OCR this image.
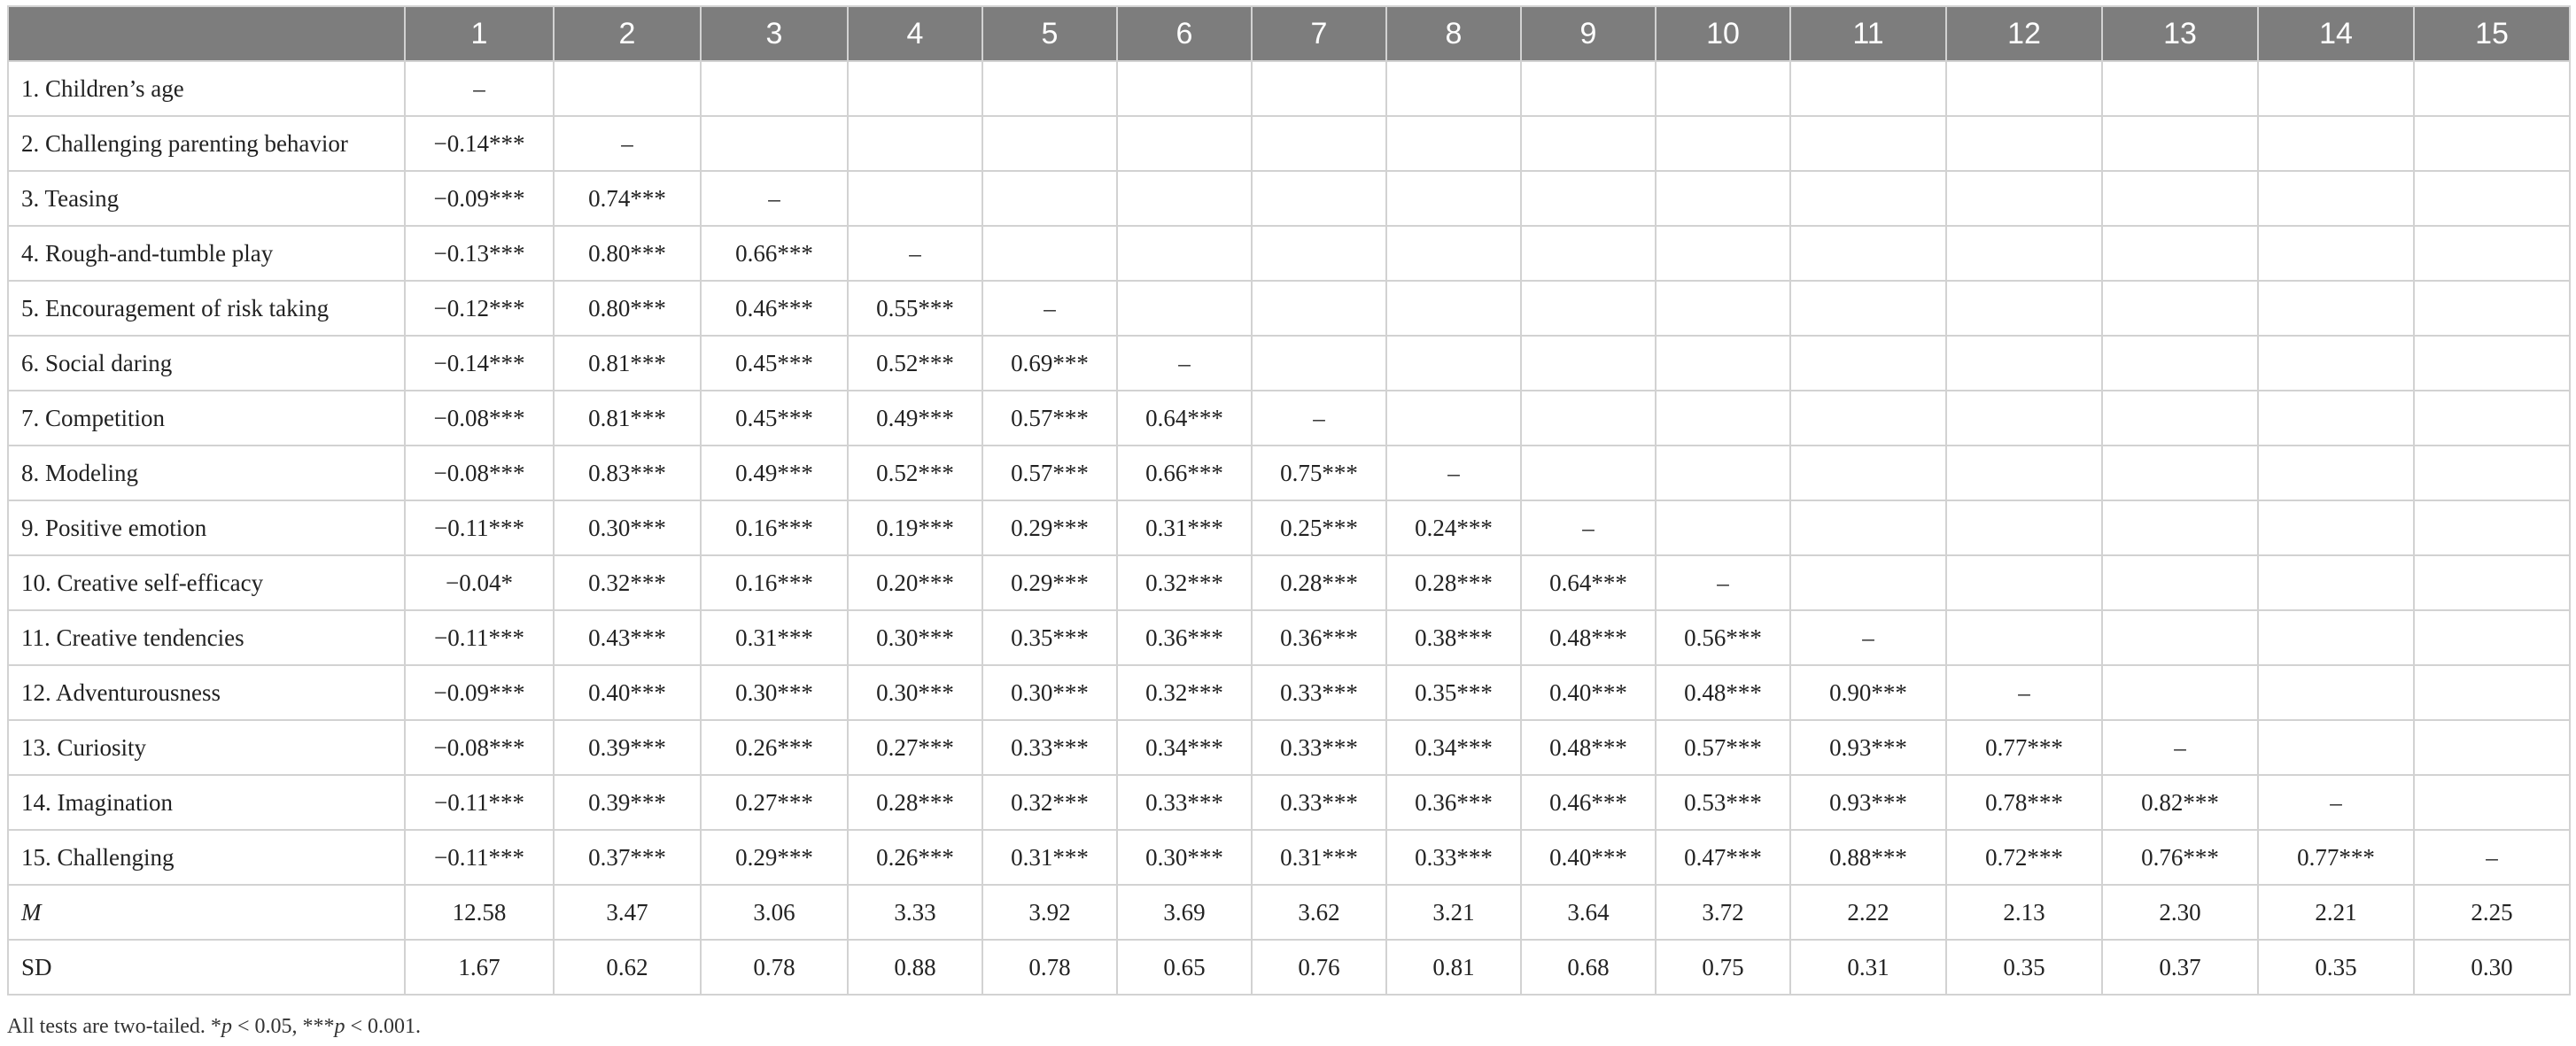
	1	2	3	4	5	6	7	8	9	10	11	12	13	14	15
1. Children’s age	–														
2. Challenging parenting behavior	−0.14***	–													
3. Teasing	−0.09***	0.74***	–												
4. Rough-and-tumble play	−0.13***	0.80***	0.66***	–											
5. Encouragement of risk taking	−0.12***	0.80***	0.46***	0.55***	–										
6. Social daring	−0.14***	0.81***	0.45***	0.52***	0.69***	–									
7. Competition	−0.08***	0.81***	0.45***	0.49***	0.57***	0.64***	–								
8. Modeling	−0.08***	0.83***	0.49***	0.52***	0.57***	0.66***	0.75***	–							
9. Positive emotion	−0.11***	0.30***	0.16***	0.19***	0.29***	0.31***	0.25***	0.24***	–						
10. Creative self-efficacy	−0.04*	0.32***	0.16***	0.20***	0.29***	0.32***	0.28***	0.28***	0.64***	–					
11. Creative tendencies	−0.11***	0.43***	0.31***	0.30***	0.35***	0.36***	0.36***	0.38***	0.48***	0.56***	–				
12. Adventurousness	−0.09***	0.40***	0.30***	0.30***	0.30***	0.32***	0.33***	0.35***	0.40***	0.48***	0.90***	–			
13. Curiosity	−0.08***	0.39***	0.26***	0.27***	0.33***	0.34***	0.33***	0.34***	0.48***	0.57***	0.93***	0.77***	–		
14. Imagination	−0.11***	0.39***	0.27***	0.28***	0.32***	0.33***	0.33***	0.36***	0.46***	0.53***	0.93***	0.78***	0.82***	–	
15. Challenging	−0.11***	0.37***	0.29***	0.26***	0.31***	0.30***	0.31***	0.33***	0.40***	0.47***	0.88***	0.72***	0.76***	0.77***	–
M	12.58	3.47	3.06	3.33	3.92	3.69	3.62	3.21	3.64	3.72	2.22	2.13	2.30	2.21	2.25
SD	1.67	0.62	0.78	0.88	0.78	0.65	0.76	0.81	0.68	0.75	0.31	0.35	0.37	0.35	0.30
All tests are two-tailed. *p < 0.05, ***p < 0.001.
